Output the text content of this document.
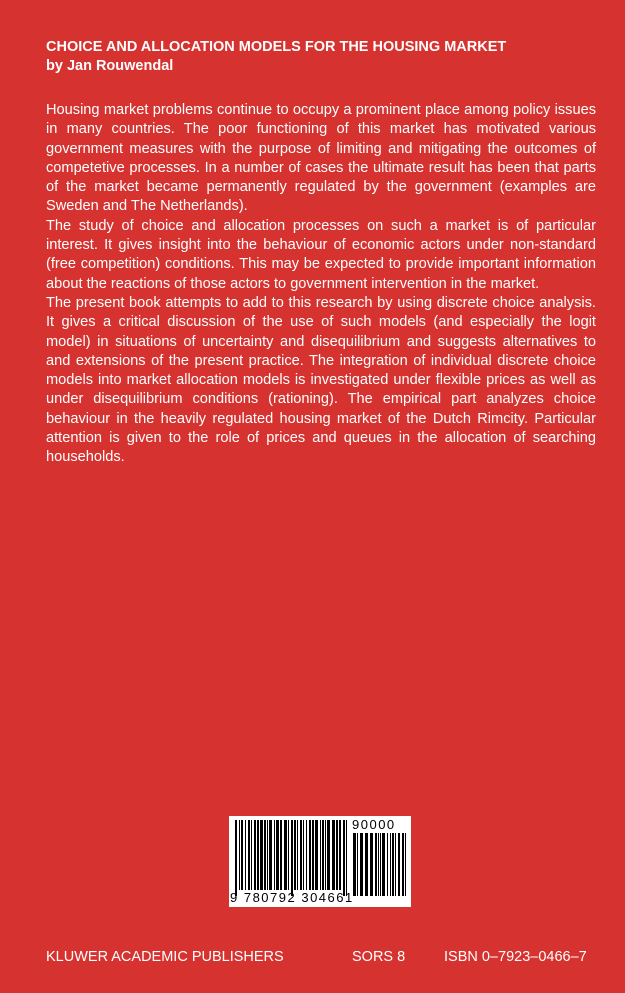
CHOICE AND ALLOCATION MODELS FOR THE HOUSING MARKET
by Jan Rouwendal

Housing market problems continue to occupy a prominent place among policy issues in many countries. The poor functioning of this market has motivated various government measures with the purpose of limiting and mitigating the outcomes of competetive processes. In a number of cases the ultimate result has been that parts of the market became permanently regulated by the government (examples are Sweden and The Netherlands).

The study of choice and allocation processes on such a market is of particular interest. It gives insight into the behaviour of economic actors under non-standard (free competition) conditions. This may be expected to provide important information about the reactions of those actors to government intervention in the market.

The present book attempts to add to this research by using discrete choice analysis. It gives a critical discussion of the use of such models (and especially the logit model) in situations of uncertainty and disequilibrium and suggests alternatives to and extensions of the present practice. The integration of individual discrete choice models into market allocation models is investigated under flexible prices as well as under disequilibrium conditions (rationing). The empirical part analyzes choice behaviour in the heavily regulated housing market of the Dutch Rimcity. Particular attention is given to the role of prices and queues in the allocation of searching households.

90000
9 780792 304661
KLUWER ACADEMIC PUBLISHERS	SORS 8	ISBN 0–7923–0466–7
